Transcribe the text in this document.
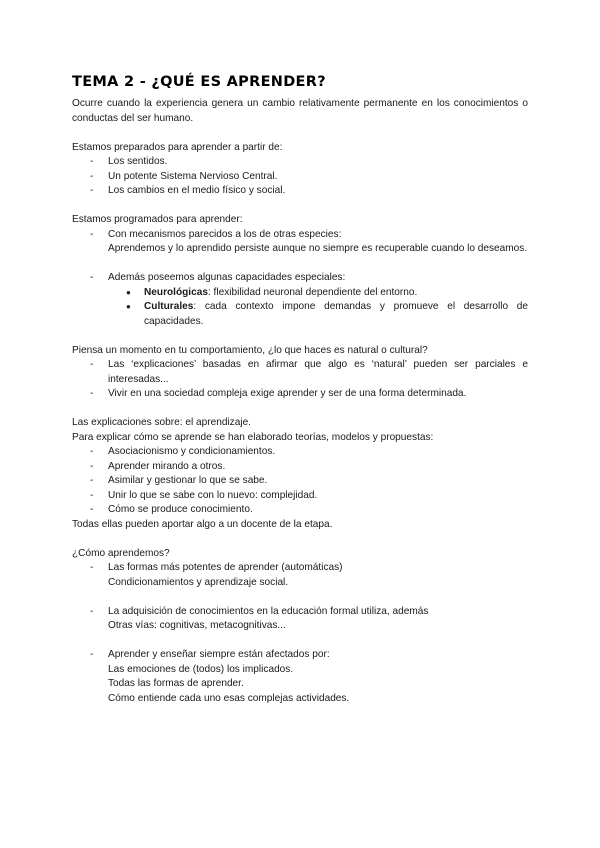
TEMA 2 - ¿QUÉ ES APRENDER?

Ocurre cuando la experiencia genera un cambio relativamente permanente en los conocimientos o conductas del ser humano.

Estamos preparados para aprender a partir de:

- Los sentidos.
- Un potente Sistema Nervioso Central.
- Los cambios en el medio físico y social.

Estamos programados para aprender:

- Con mecanismos parecidos a los de otras especies:
Aprendemos y lo aprendido persiste aunque no siempre es recuperable cuando lo deseamos.
- Además poseemos algunas capacidades especiales:
● Neurológicas: flexibilidad neuronal dependiente del entorno.
● Culturales: cada contexto impone demandas y promueve el desarrollo de capacidades.

Piensa un momento en tu comportamiento, ¿lo que haces es natural o cultural?

- Las ‘explicaciones’ basadas en afirmar que algo es ‘natural’ pueden ser parciales e interesadas...
- Vivir en una sociedad compleja exige aprender y ser de una forma determinada.

Las explicaciones sobre: el aprendizaje.

Para explicar cómo se aprende se han elaborado teorías, modelos y propuestas:

- Asociacionismo y condicionamientos.
- Aprender mirando a otros.
- Asimilar y gestionar lo que se sabe.
- Unir lo que se sabe con lo nuevo: complejidad.
- Cómo se produce conocimiento.

Todas ellas pueden aportar algo a un docente de la etapa.

¿Cómo aprendemos?

- Las formas más potentes de aprender (automáticas)
Condicionamientos y aprendizaje social.
- La adquisición de conocimientos en la educación formal utiliza, además
Otras vías: cognitivas, metacognitivas...
- Aprender y enseñar siempre están afectados por:
Las emociones de (todos) los implicados.
Todas las formas de aprender.
Cómo entiende cada uno esas complejas actividades.
